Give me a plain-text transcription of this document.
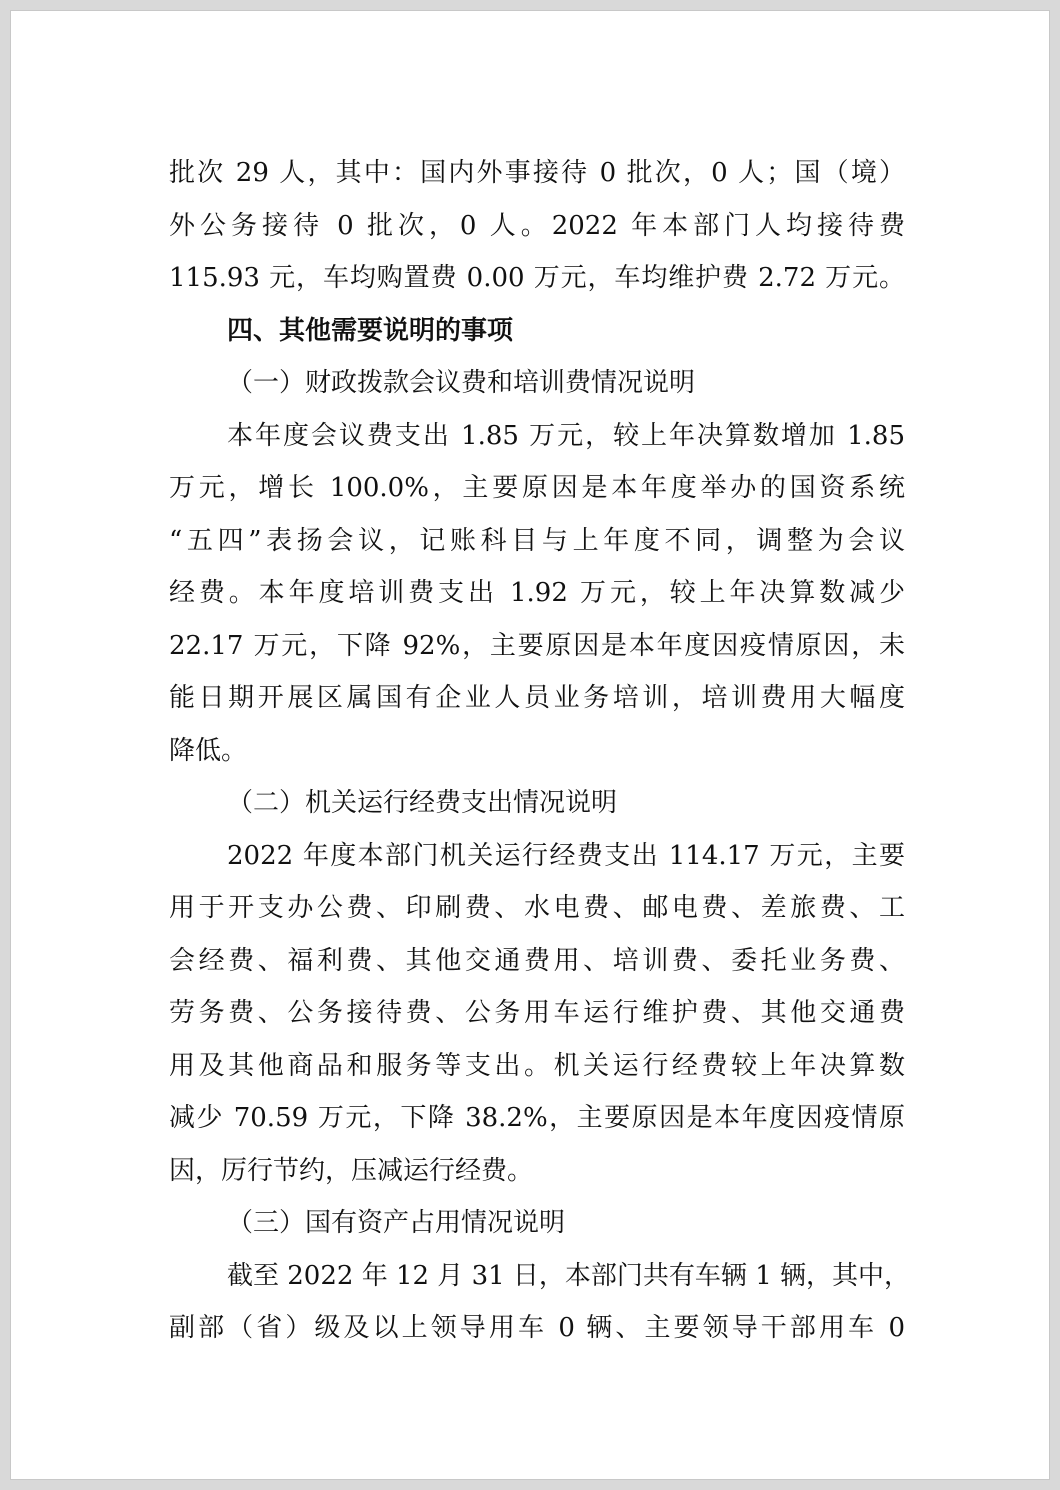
批次 29 人，其中：国内外事接待 0 批次，0 人；国（境）
外公务接待 0 批次，0 人。2022 年本部门人均接待费
115.93 元，车均购置费 0.00 万元，车均维护费 2.72 万元。
四、其他需要说明的事项
（一）财政拨款会议费和培训费情况说明
本年度会议费支出 1.85 万元，较上年决算数增加 1.85
万元，增长 100.0%，主要原因是本年度举办的国资系统
“五四”表扬会议，记账科目与上年度不同，调整为会议
经费。本年度培训费支出 1.92 万元，较上年决算数减少
22.17 万元，下降 92%，主要原因是本年度因疫情原因，未
能日期开展区属国有企业人员业务培训，培训费用大幅度
降低。
（二）机关运行经费支出情况说明
2022 年度本部门机关运行经费支出 114.17 万元，主要
用于开支办公费、印刷费、水电费、邮电费、差旅费、工
会经费、福利费、其他交通费用、培训费、委托业务费、
劳务费、公务接待费、公务用车运行维护费、其他交通费
用及其他商品和服务等支出。机关运行经费较上年决算数
减少 70.59 万元，下降 38.2%，主要原因是本年度因疫情原
因，厉行节约，压减运行经费。
（三）国有资产占用情况说明
截至 2022 年 12 月 31 日，本部门共有车辆 1 辆，其中，
副部（省）级及以上领导用车 0 辆、主要领导干部用车 0
